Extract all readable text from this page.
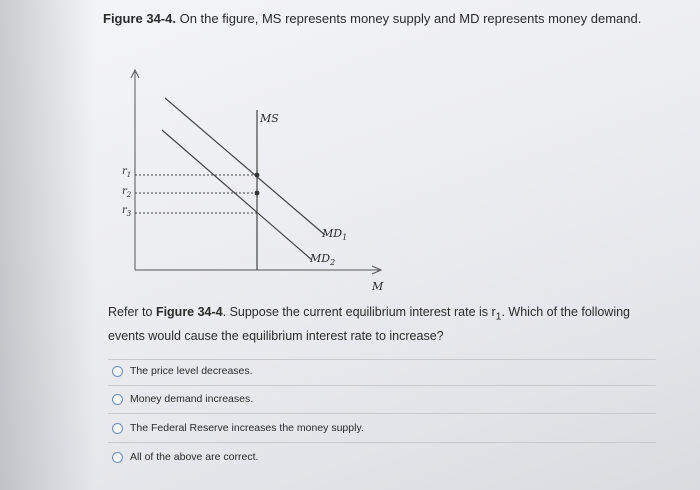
Figure 34-4. On the figure, MS represents money supply and MD represents money demand.
MS
$MD_1$
$MD_2$
M
$r_1$
$r_2$
$r_3$
Refer to Figure 34-4. Suppose the current equilibrium interest rate is $r_1$. Which of the following events would cause the equilibrium interest rate to increase?
The price level decreases.
Money demand increases.
The Federal Reserve increases the money supply.
All of the above are correct.
